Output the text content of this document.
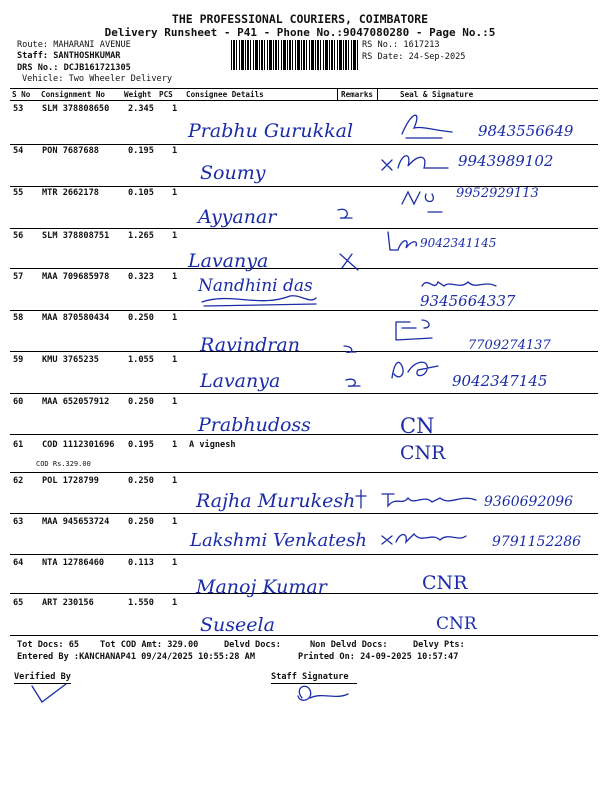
THE PROFESSIONAL COURIERS, COIMBATORE
Delivery Runsheet - P41 - Phone No.:9047080280 - Page No.:5
Route: MAHARANI AVENUE
Staff: SANTHOSHKUMAR
DRS No.: DCJB161721305
Vehicle: Two Wheeler Delivery
RS No.: 1617213
RS Date: 24-Sep-2025
S No Consignment No Weight PCS Consignee Details	Remarks	Seal & Signature
53 SLM 378808650 2.345 1
Prabhu Gurukkal	9843556649
54 PON 7687688	0.195 1
Soumy
9943989102
55 MTR 2662178	0.105 1
Ayyanar
9952929113
56 SLM 378808751 1.265 1
Lavanya
9042341145
57 MAA 709685978 0.323 1 Nandhini das
9345664337
58 MAA 870580434 0.250 1
Ravindran	7709274137
59 KMU 3765235	1.055 1
Lavanya	9042347145
60 MAA 652057912 0.250 1
Prabhudoss	CN
61 COD 1112301696 0.195 1 A vignesh
COD Rs.329.00	CNR
62 POL 1728799	0.250 1
Rajha Murukesh	9360692096
63 MAA 945653724 0.250 1
Lakshmi Venkatesh	9791152286
64 NTA 12786460	0.113 1
Manoj Kumar	CNR
65 ART 230156	1.550 1
Suseela	CNR
Tot Docs: 65 Tot COD Amt: 329.00	Delvd Docs:	Non Delvd Docs:	Delvy Pts:
Entered By :KANCHANAP41 09/24/2025 10:55:28 AM	Printed On: 24-09-2025 10:57:47
Verified By	Staff Signature
